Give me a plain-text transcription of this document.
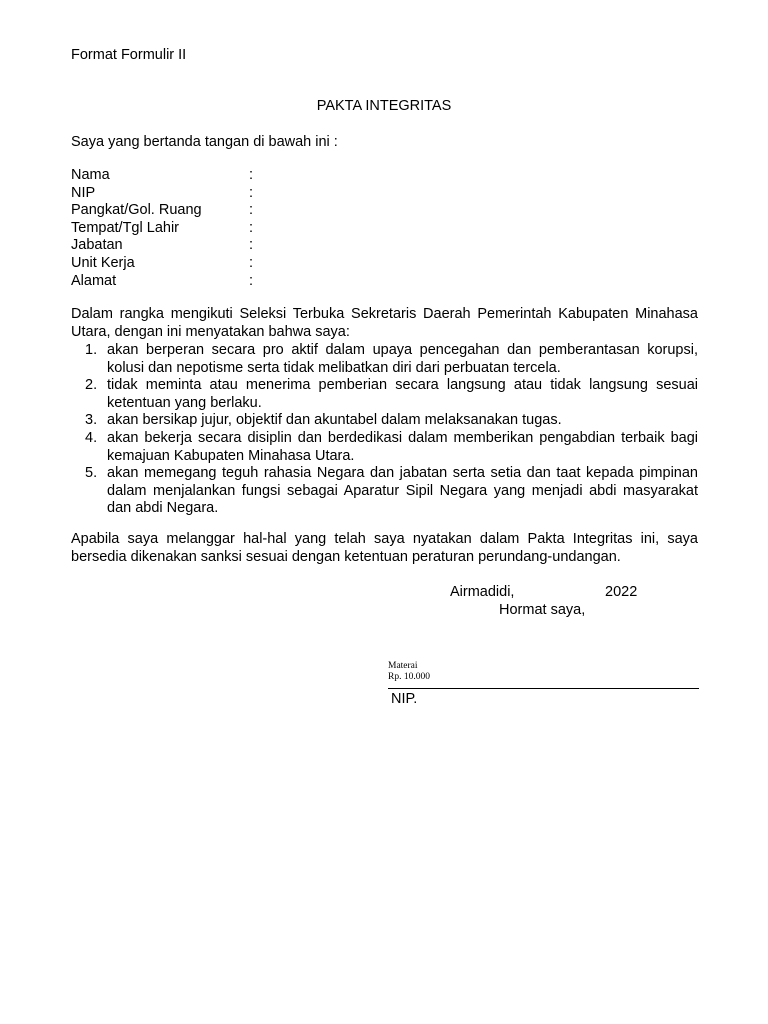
Format Formulir II
PAKTA INTEGRITAS
Saya yang bertanda tangan di bawah ini :
Nama	:
NIP	:
Pangkat/Gol. Ruang	:
Tempat/Tgl Lahir	:
Jabatan	:
Unit Kerja	:
Alamat	:
Dalam rangka mengikuti Seleksi Terbuka Sekretaris Daerah Pemerintah Kabupaten Minahasa Utara, dengan ini menyatakan bahwa saya:
1. akan berperan secara pro aktif dalam upaya pencegahan dan pemberantasan korupsi, kolusi dan nepotisme serta tidak melibatkan diri dari perbuatan tercela.
2. tidak meminta atau menerima pemberian secara langsung atau tidak langsung sesuai ketentuan yang berlaku.
3. akan bersikap jujur, objektif dan akuntabel dalam melaksanakan tugas.
4. akan bekerja secara disiplin dan berdedikasi dalam memberikan pengabdian terbaik bagi kemajuan Kabupaten Minahasa Utara.
5. akan memegang teguh rahasia Negara dan jabatan serta setia dan taat kepada pimpinan dalam menjalankan fungsi sebagai Aparatur Sipil Negara yang menjadi abdi masyarakat dan abdi Negara.
Apabila saya melanggar hal-hal yang telah saya nyatakan dalam Pakta Integritas ini, saya bersedia dikenakan sanksi sesuai dengan ketentuan peraturan perundang-undangan.
Airmadidi,	2022
Hormat saya,
Materai
Rp. 10.000
NIP.
